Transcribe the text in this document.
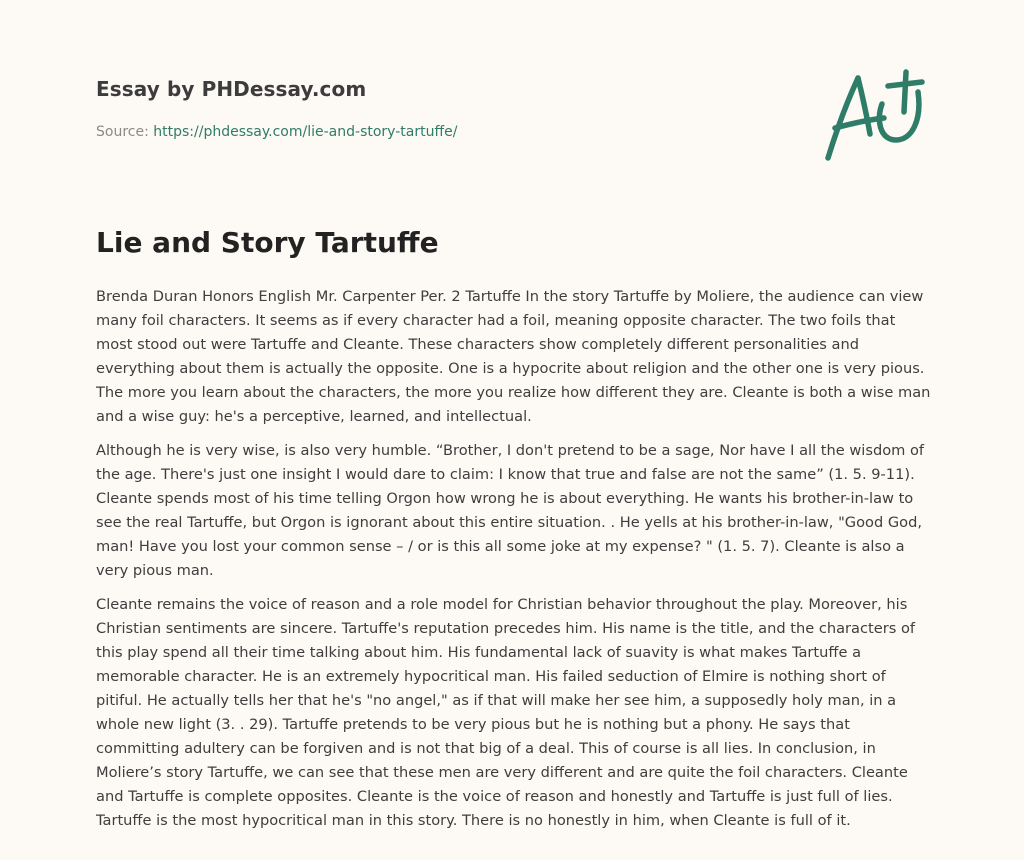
Essay by PHDessay.com
Source: https://phdessay.com/lie-and-story-tartuffe/
Lie and Story Tartuffe

Brenda Duran Honors English Mr. Carpenter Per. 2 Tartuffe In the story Tartuffe by Moliere, the audience can view many foil characters. It seems as if every character had a foil, meaning opposite character. The two foils that most stood out were Tartuffe and Cleante. These characters show completely different personalities and everything about them is actually the opposite. One is a hypocrite about religion and the other one is very pious. The more you learn about the characters, the more you realize how different they are. Cleante is both a wise man and a wise guy: he's a perceptive, learned, and intellectual.

Although he is very wise, is also very humble. “Brother, I don't pretend to be a sage, Nor have I all the wisdom of the age. There's just one insight I would dare to claim: I know that true and false are not the same” (1. 5. 9-11). Cleante spends most of his time telling Orgon how wrong he is about everything. He wants his brother-in-law to see the real Tartuffe, but Orgon is ignorant about this entire situation. . He yells at his brother-in-law, "Good God, man! Have you lost your common sense – / or is this all some joke at my expense? " (1. 5. 7). Cleante is also a very pious man.

Cleante remains the voice of reason and a role model for Christian behavior throughout the play. Moreover, his Christian sentiments are sincere. Tartuffe's reputation precedes him. His name is the title, and the characters of this play spend all their time talking about him. His fundamental lack of suavity is what makes Tartuffe a memorable character. He is an extremely hypocritical man. His failed seduction of Elmire is nothing short of pitiful. He actually tells her that he's "no angel," as if that will make her see him, a supposedly holy man, in a whole new light (3. . 29). Tartuffe pretends to be very pious but he is nothing but a phony. He says that committing adultery can be forgiven and is not that big of a deal. This of course is all lies. In conclusion, in Moliere’s story Tartuffe, we can see that these men are very different and are quite the foil characters. Cleante and Tartuffe is complete opposites. Cleante is the voice of reason and honestly and Tartuffe is just full of lies. Tartuffe is the most hypocritical man in this story. There is no honestly in him, when Cleante is full of it.
